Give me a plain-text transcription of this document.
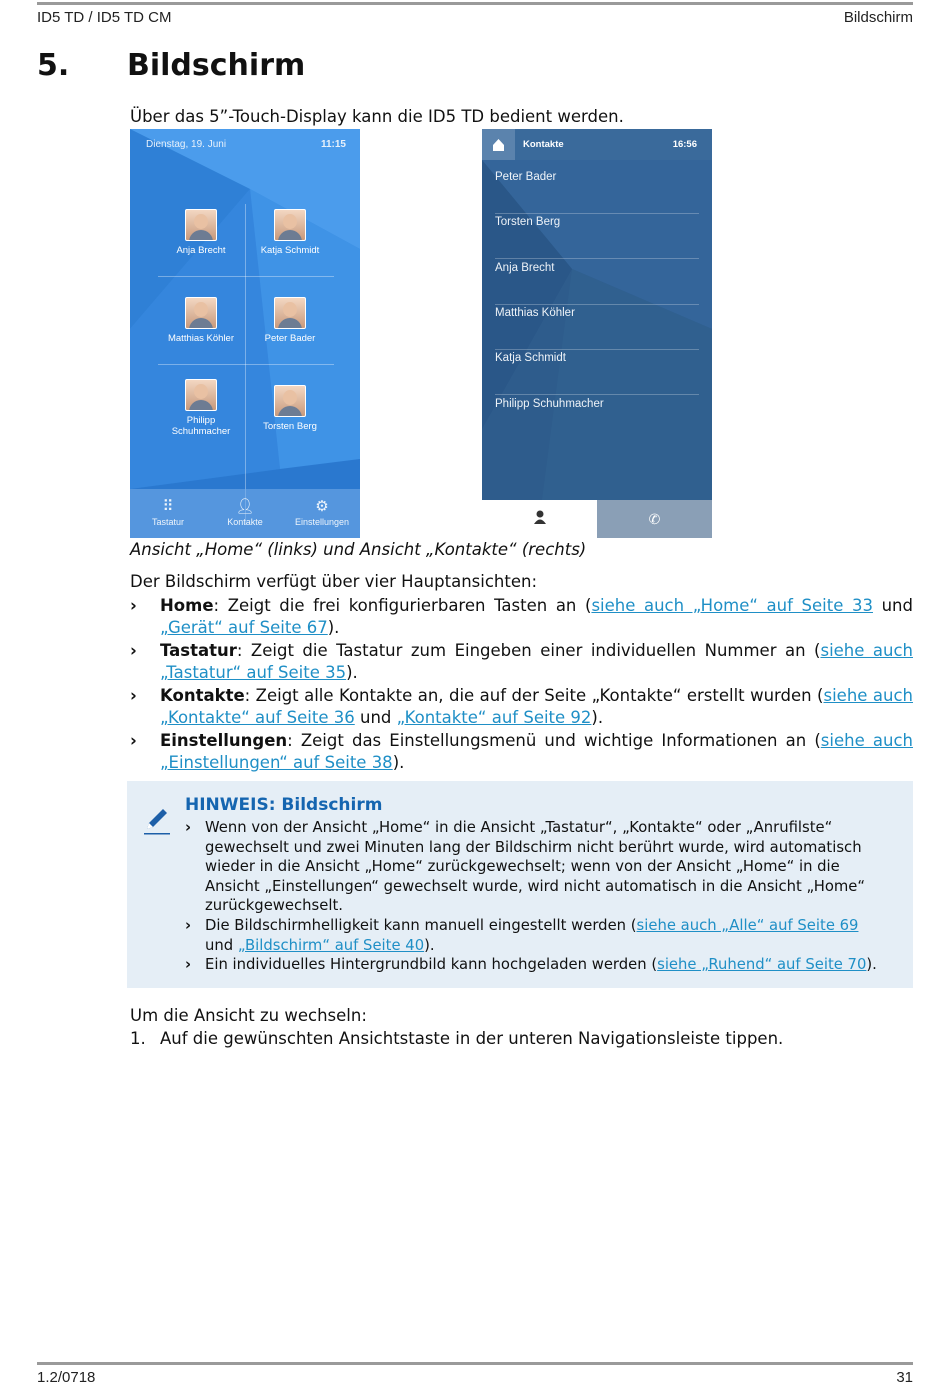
ID5 TD / ID5 TD CM	Bildschirm
5. Bildschirm
Über das 5”-Touch-Display kann die ID5 TD bedient werden.
Dienstag, 19. Juni	11:15
Anja Brecht	Katja Schmidt
Matthias Köhler	Peter Bader
Philipp Schuhmacher	Torsten Berg
⠿
Tastatur
👤︎
Kontakte
⚙
Einstellungen
Kontakte	16:56
Peter Bader
Torsten Berg
Anja Brecht
Matthias Köhler
Katja Schmidt
Philipp Schuhmacher
✆
Ansicht „Home“ (links) und Ansicht „Kontakte“ (rechts)
Der Bildschirm verfügt über vier Hauptansichten:
› Home: Zeigt die frei konfigurierbaren Tasten an (siehe auch „Home“ auf Seite 33 und „Gerät“ auf Seite 67).
› Tastatur: Zeigt die Tastatur zum Eingeben einer individuellen Nummer an (siehe auch „Tastatur“ auf Seite 35).
› Kontakte: Zeigt alle Kontakte an, die auf der Seite „Kontakte“ erstellt wurden (siehe auch „Kontakte“ auf Seite 36 und „Kontakte“ auf Seite 92).
› Einstellungen: Zeigt das Einstellungsmenü und wichtige Informationen an (siehe auch „Einstellungen“ auf Seite 38).
HINWEIS: Bildschirm
› Wenn von der Ansicht „Home“ in die Ansicht „Tastatur“, „Kontakte“ oder „Anrufilste“ gewechselt und zwei Minuten lang der Bildschirm nicht berührt wurde, wird automatisch wieder in die Ansicht „Home“ zurückgewechselt; wenn von der Ansicht „Home“ in die Ansicht „Einstellungen“ gewechselt wurde, wird nicht automatisch in die Ansicht „Home“ zurückgewechselt.
› Die Bildschirmhelligkeit kann manuell eingestellt werden (siehe auch „Alle“ auf Seite 69 und „Bildschirm“ auf Seite 40).
› Ein individuelles Hintergrundbild kann hochgeladen werden (siehe „Ruhend“ auf Seite 70).
Um die Ansicht zu wechseln:
1. Auf die gewünschten Ansichtstaste in der unteren Navigationsleiste tippen.
1.2/0718	31
